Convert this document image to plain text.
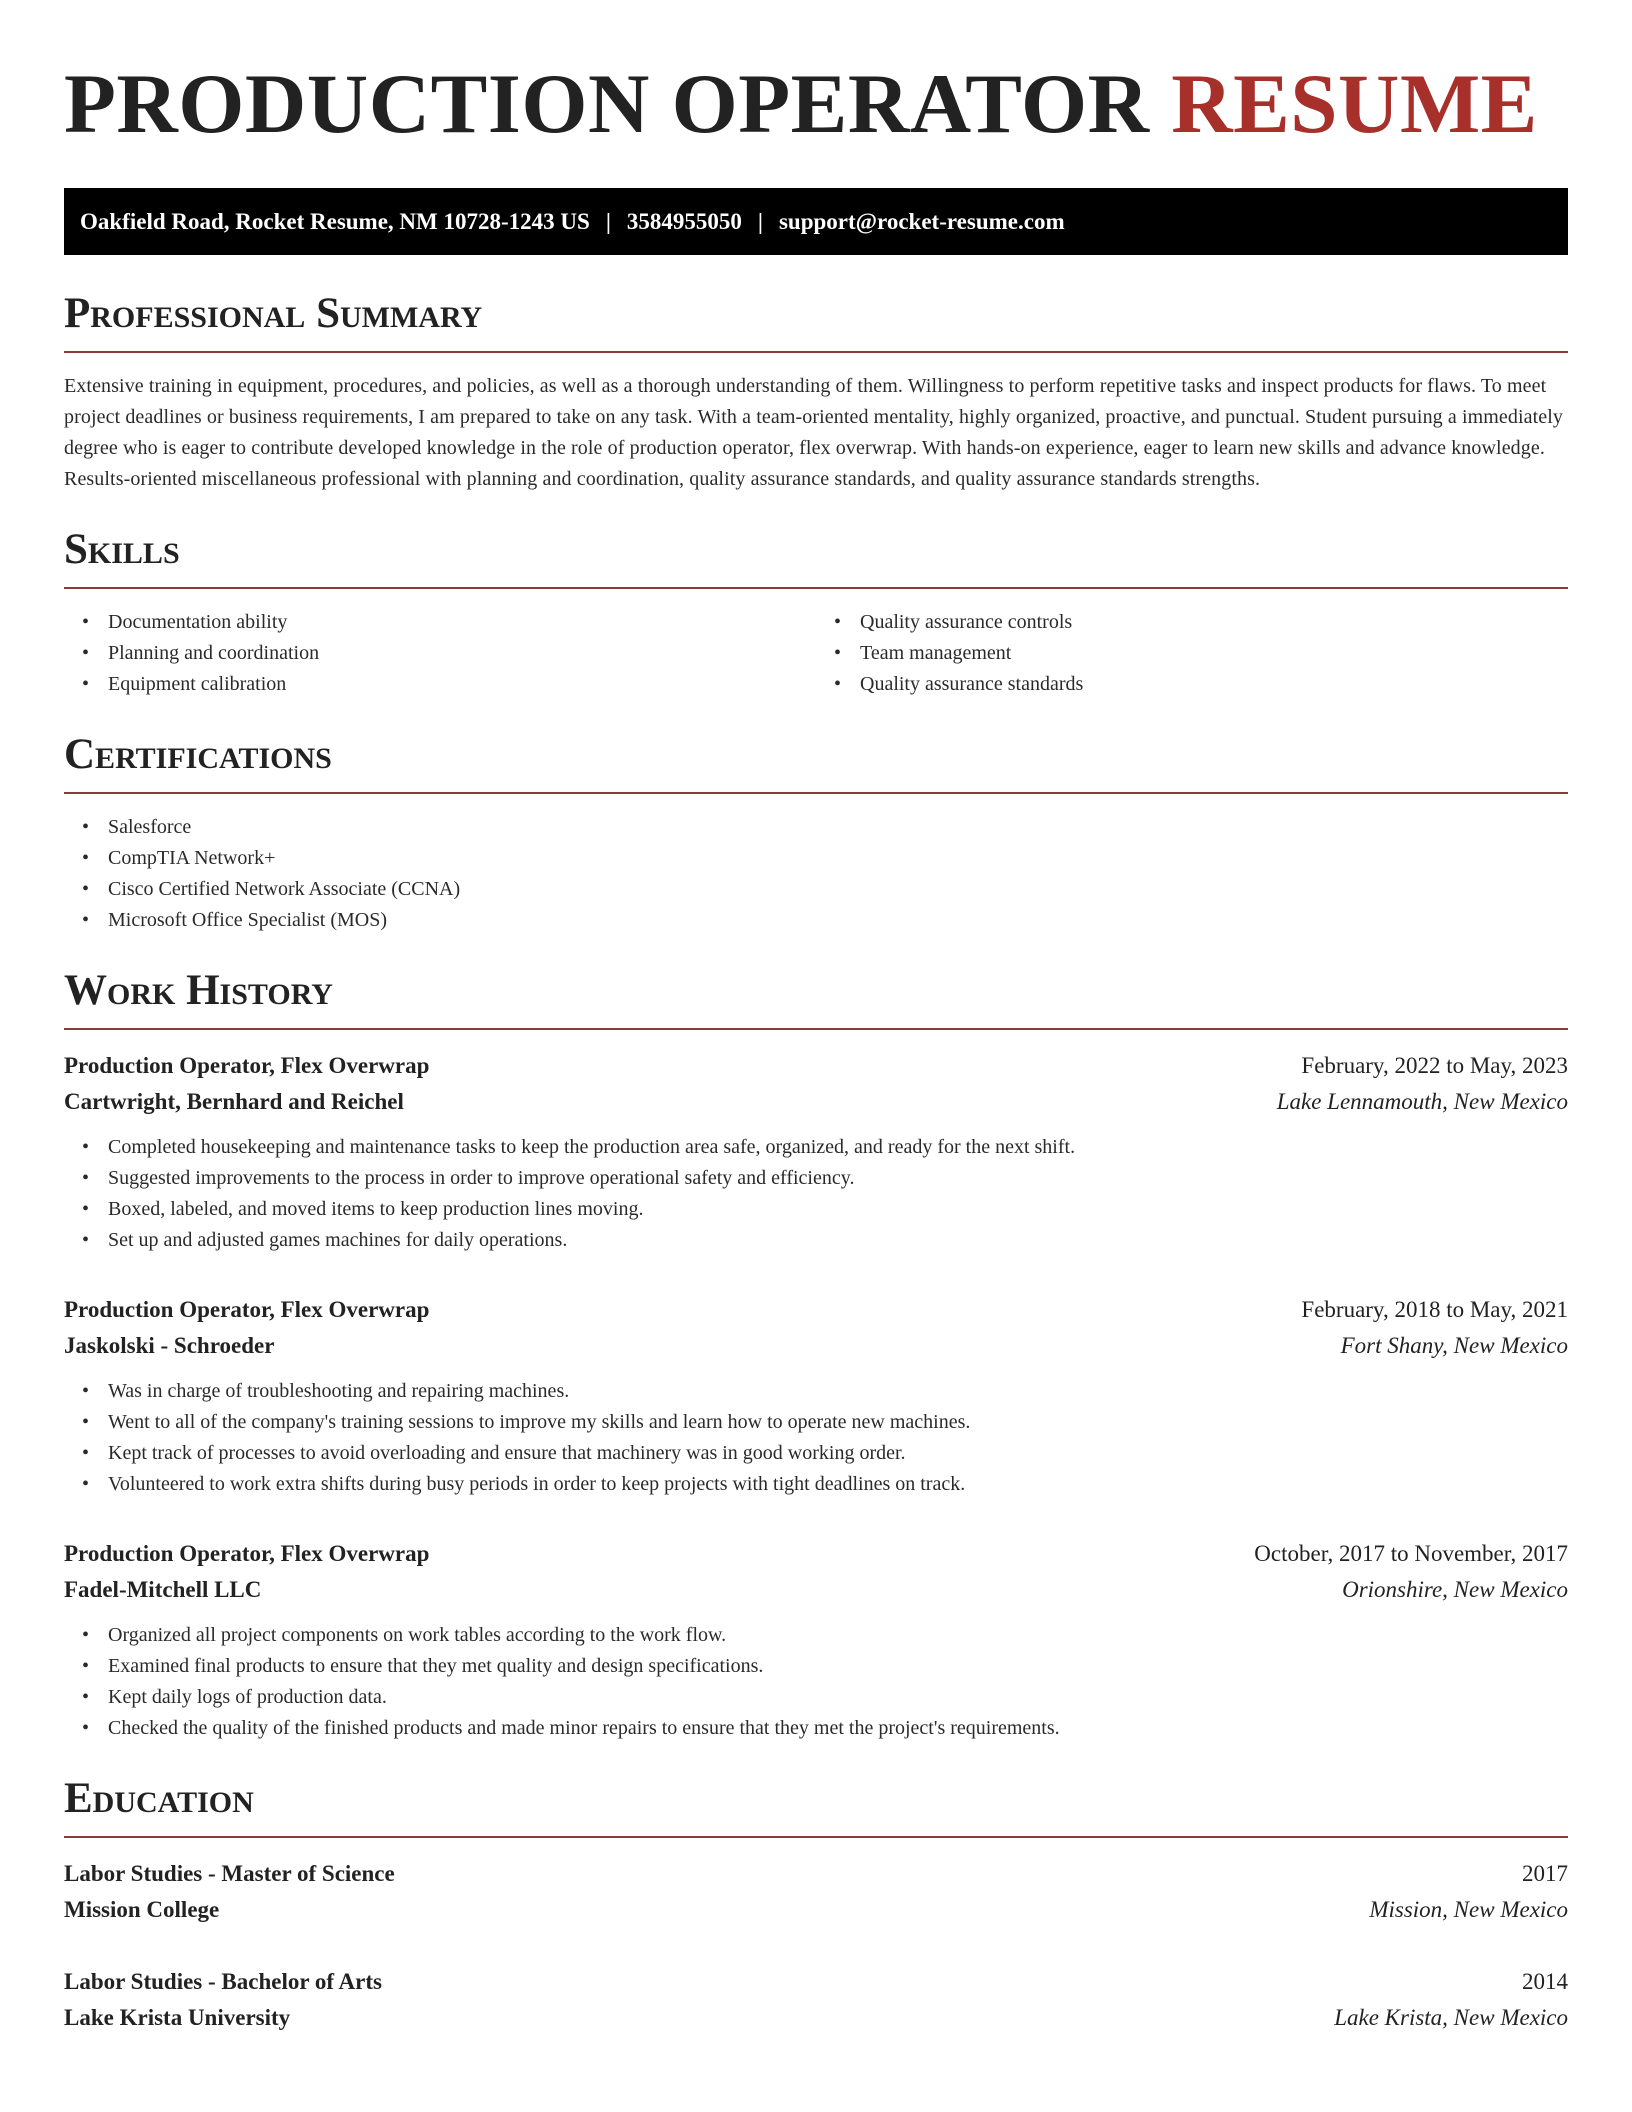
PRODUCTION OPERATOR RESUME
Oakfield Road, Rocket Resume, NM 10728-1243 US | 3584955050 | support@rocket-resume.com
Professional Summary

Extensive training in equipment, procedures, and policies, as well as a thorough understanding of them. Willingness to perform repetitive tasks and inspect products for flaws. To meet project deadlines or business requirements, I am prepared to take on any task. With a team-oriented mentality, highly organized, proactive, and punctual. Student pursuing a immediately degree who is eager to contribute developed knowledge in the role of production operator, flex overwrap. With hands-on experience, eager to learn new skills and advance knowledge. Results-oriented miscellaneous professional with planning and coordination, quality assurance standards, and quality assurance standards strengths.

Skills
• Documentation ability
• Planning and coordination
• Equipment calibration
• Quality assurance controls
• Team management
• Quality assurance standards
Certifications
• Salesforce
• CompTIA Network+
• Cisco Certified Network Associate (CCNA)
• Microsoft Office Specialist (MOS)
Work History
Production Operator, Flex Overwrap	February, 2022 to May, 2023
Cartwright, Bernhard and Reichel	Lake Lennamouth, New Mexico
• Completed housekeeping and maintenance tasks to keep the production area safe, organized, and ready for the next shift.
• Suggested improvements to the process in order to improve operational safety and efficiency.
• Boxed, labeled, and moved items to keep production lines moving.
• Set up and adjusted games machines for daily operations.
Production Operator, Flex Overwrap	February, 2018 to May, 2021
Jaskolski - Schroeder	Fort Shany, New Mexico
• Was in charge of troubleshooting and repairing machines.
• Went to all of the company's training sessions to improve my skills and learn how to operate new machines.
• Kept track of processes to avoid overloading and ensure that machinery was in good working order.
• Volunteered to work extra shifts during busy periods in order to keep projects with tight deadlines on track.
Production Operator, Flex Overwrap	October, 2017 to November, 2017
Fadel-Mitchell LLC	Orionshire, New Mexico
• Organized all project components on work tables according to the work flow.
• Examined final products to ensure that they met quality and design specifications.
• Kept daily logs of production data.
• Checked the quality of the finished products and made minor repairs to ensure that they met the project's requirements.
Education
Labor Studies - Master of Science	2017
Mission College	Mission, New Mexico
Labor Studies - Bachelor of Arts	2014
Lake Krista University	Lake Krista, New Mexico
